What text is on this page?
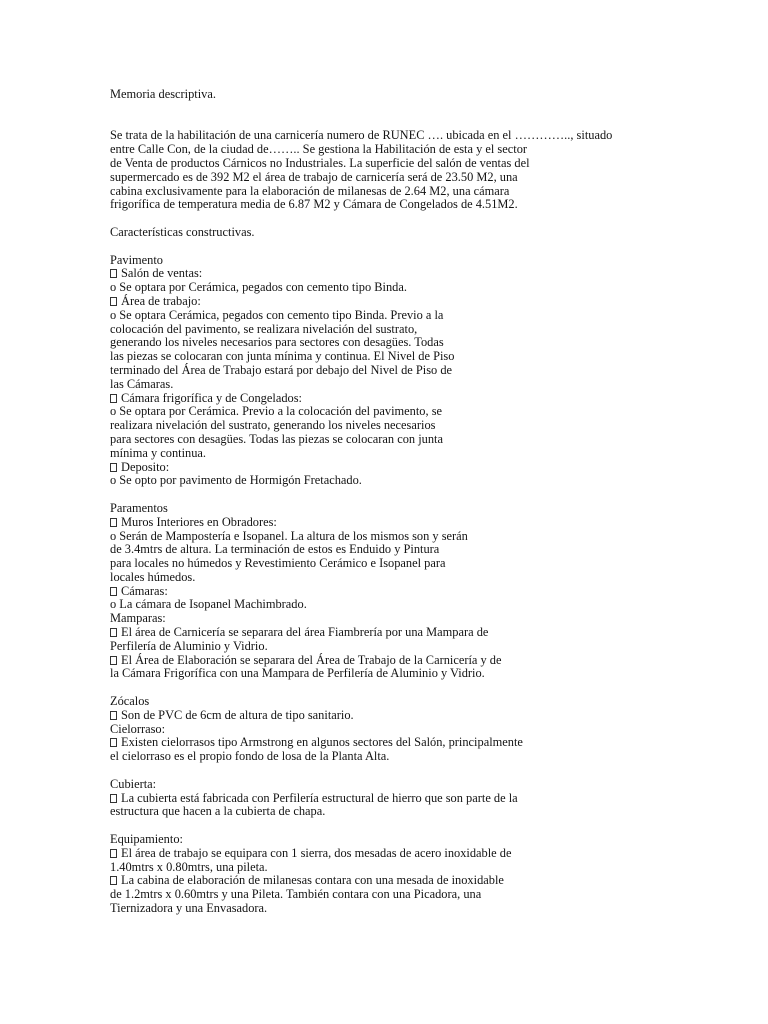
Memoria descriptiva.
Se trata de la habilitación de una carnicería numero de RUNEC …. ubicada en el ………….., situado
entre Calle Con, de la ciudad de…….. Se gestiona la Habilitación de esta y el sector
de Venta de productos Cárnicos no Industriales. La superficie del salón de ventas del
supermercado es de 392 M2 el área de trabajo de carnicería será de 23.50 M2, una
cabina exclusivamente para la elaboración de milanesas de 2.64 M2, una cámara
frigorífica de temperatura media de 6.87 M2 y Cámara de Congelados de 4.51M2.
Características constructivas.
Pavimento
Salón de ventas:
o Se optara por Cerámica, pegados con cemento tipo Binda.
Área de trabajo:
o Se optara Cerámica, pegados con cemento tipo Binda. Previo a la
colocación del pavimento, se realizara nivelación del sustrato,
generando los niveles necesarios para sectores con desagües. Todas
las piezas se colocaran con junta mínima y continua. El Nivel de Piso
terminado del Área de Trabajo estará por debajo del Nivel de Piso de
las Cámaras.
Cámara frigorífica y de Congelados:
o Se optara por Cerámica. Previo a la colocación del pavimento, se
realizara nivelación del sustrato, generando los niveles necesarios
para sectores con desagües. Todas las piezas se colocaran con junta
mínima y continua.
Deposito:
o Se opto por pavimento de Hormigón Fretachado.
Paramentos
Muros Interiores en Obradores:
o Serán de Mampostería e Isopanel. La altura de los mismos son y serán
de 3.4mtrs de altura. La terminación de estos es Enduido y Pintura
para locales no húmedos y Revestimiento Cerámico e Isopanel para
locales húmedos.
Cámaras:
o La cámara de Isopanel Machimbrado.
Mamparas:
El área de Carnicería se separara del área Fiambrería por una Mampara de
Perfilería de Aluminio y Vidrio.
El Área de Elaboración se separara del Área de Trabajo de la Carnicería y de
la Cámara Frigorífica con una Mampara de Perfilería de Aluminio y Vidrio.
Zócalos
Son de PVC de 6cm de altura de tipo sanitario.
Cielorraso:
Existen cielorrasos tipo Armstrong en algunos sectores del Salón, principalmente
el cielorraso es el propio fondo de losa de la Planta Alta.
Cubierta:
La cubierta está fabricada con Perfilería estructural de hierro que son parte de la
estructura que hacen a la cubierta de chapa.
Equipamiento:
El área de trabajo se equipara con 1 sierra, dos mesadas de acero inoxidable de
1.40mtrs x 0.80mtrs, una pileta.
La cabina de elaboración de milanesas contara con una mesada de inoxidable
de 1.2mtrs x 0.60mtrs y una Pileta. También contara con una Picadora, una
Tiernizadora y una Envasadora.
